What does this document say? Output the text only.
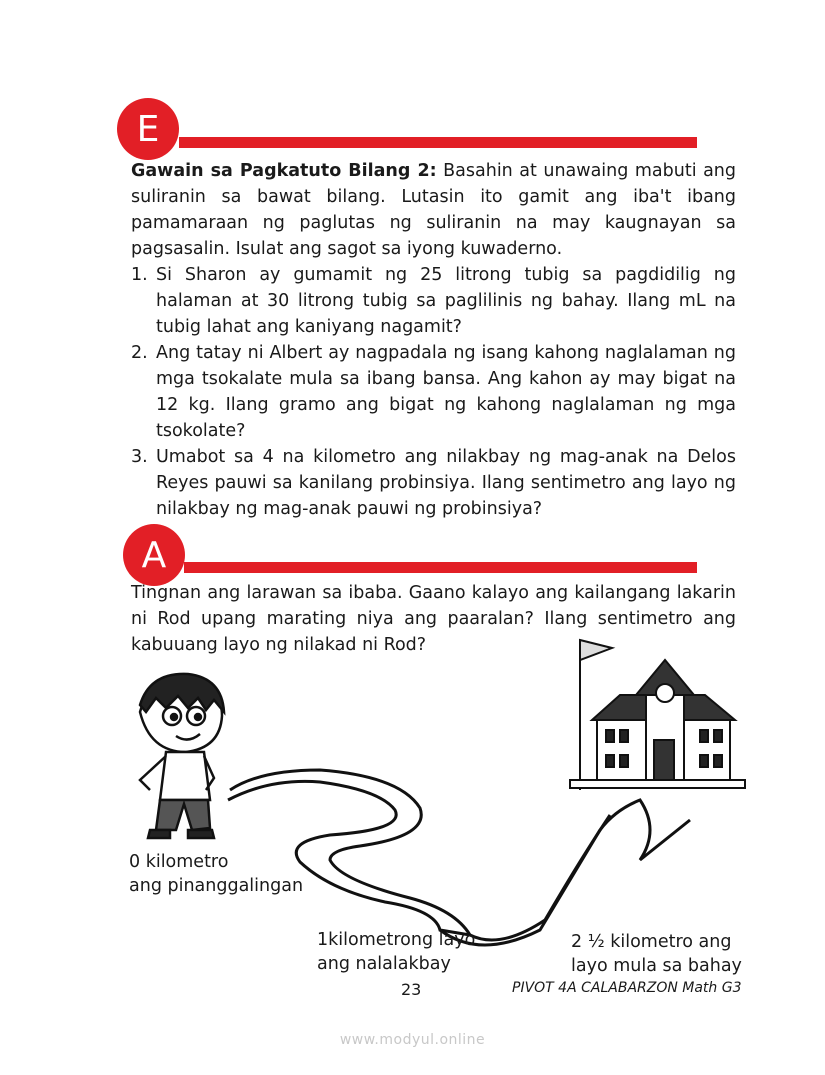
E
Gawain sa Pagkatuto Bilang 2: Basahin at unawaing mabuti ang suliranin sa bawat bilang. Lutasin ito gamit ang iba't ibang pamamaraan ng paglutas ng suliranin na may kaugnayan sa pagsasalin. Isulat ang sagot sa iyong kuwaderno.
1. Si Sharon ay gumamit ng 25 litrong tubig sa pagdidilig ng halaman at 30 litrong tubig sa paglilinis ng bahay. Ilang mL na tubig lahat ang kaniyang nagamit?
2. Ang tatay ni Albert ay nagpadala ng isang kahong naglalaman ng mga tsokalate mula sa ibang bansa. Ang kahon ay may bigat na 12 kg. Ilang gramo ang bigat ng kahong naglalaman ng mga tsokolate?
3. Umabot sa 4 na kilometro ang nilakbay ng mag-anak na Delos Reyes pauwi sa kanilang probinsiya. Ilang sentimetro ang layo ng nilakbay ng mag-anak pauwi ng probinsiya?
A
Tingnan ang larawan sa ibaba. Gaano kalayo ang kailangang lakarin ni Rod upang marating niya ang paaralan? Ilang sentimetro ang kabuuang layo ng nilakad ni Rod?
0 kilometro
ang pinanggalingan
1kilometrong layo
ang nalalakbay
2 ½ kilometro ang
layo mula sa bahay
23	PIVOT 4A CALABARZON Math G3
www.modyul.online
